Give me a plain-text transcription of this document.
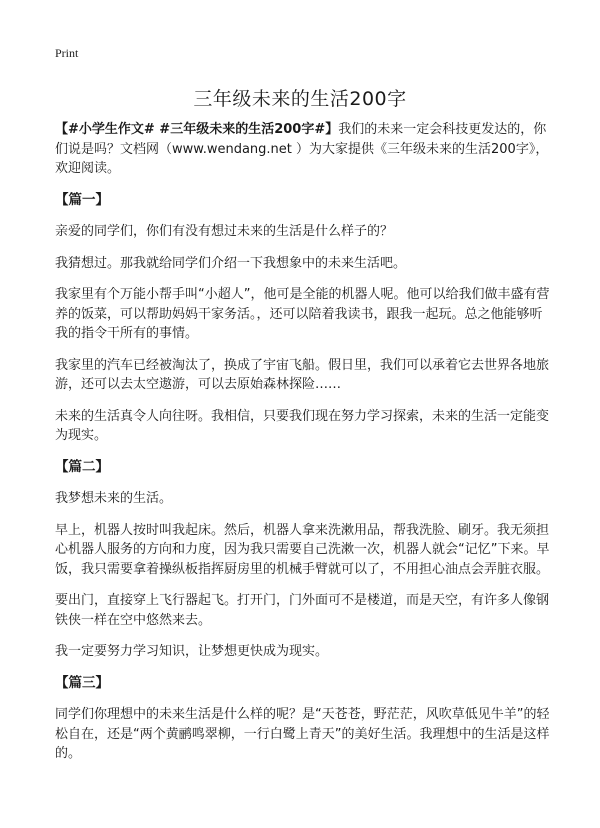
Print
三年级未来的生活200字

【#小学生作文# #三年级未来的生活200字#】我们的未来一定会科技更发达的，你们说是吗？文档网（www.wendang.net ）为大家提供《三年级未来的生活200字》，欢迎阅读。

【篇一】

亲爱的同学们，你们有没有想过未来的生活是什么样子的？

我猜想过。那我就给同学们介绍一下我想象中的未来生活吧。

我家里有个万能小帮手叫“小超人”，他可是全能的机器人呢。他可以给我们做丰盛有营养的饭菜，可以帮助妈妈干家务活。，还可以陪着我读书，跟我一起玩。总之他能够听我的指令干所有的事情。

我家里的汽车已经被淘汰了，换成了宇宙飞船。假日里，我们可以承着它去世界各地旅游，还可以去太空遨游，可以去原始森林探险……

未来的生活真令人向往呀。我相信，只要我们现在努力学习探索，未来的生活一定能变为现实。

【篇二】

我梦想未来的生活。

早上，机器人按时叫我起床。然后，机器人拿来洗漱用品，帮我洗脸、刷牙。我无须担心机器人服务的方向和力度，因为我只需要自己洗漱一次，机器人就会“记忆”下来。早饭，我只需要拿着操纵板指挥厨房里的机械手臂就可以了，不用担心油点会弄脏衣服。

要出门，直接穿上飞行器起飞。打开门，门外面可不是楼道，而是天空，有许多人像钢铁侠一样在空中悠然来去。

我一定要努力学习知识，让梦想更快成为现实。

【篇三】

同学们你理想中的未来生活是什么样的呢？是“天苍苍，野茫茫，风吹草低见牛羊”的轻松自在，还是“两个黄鹂鸣翠柳，一行白鹭上青天”的美好生活。我理想中的生活是这样的。
